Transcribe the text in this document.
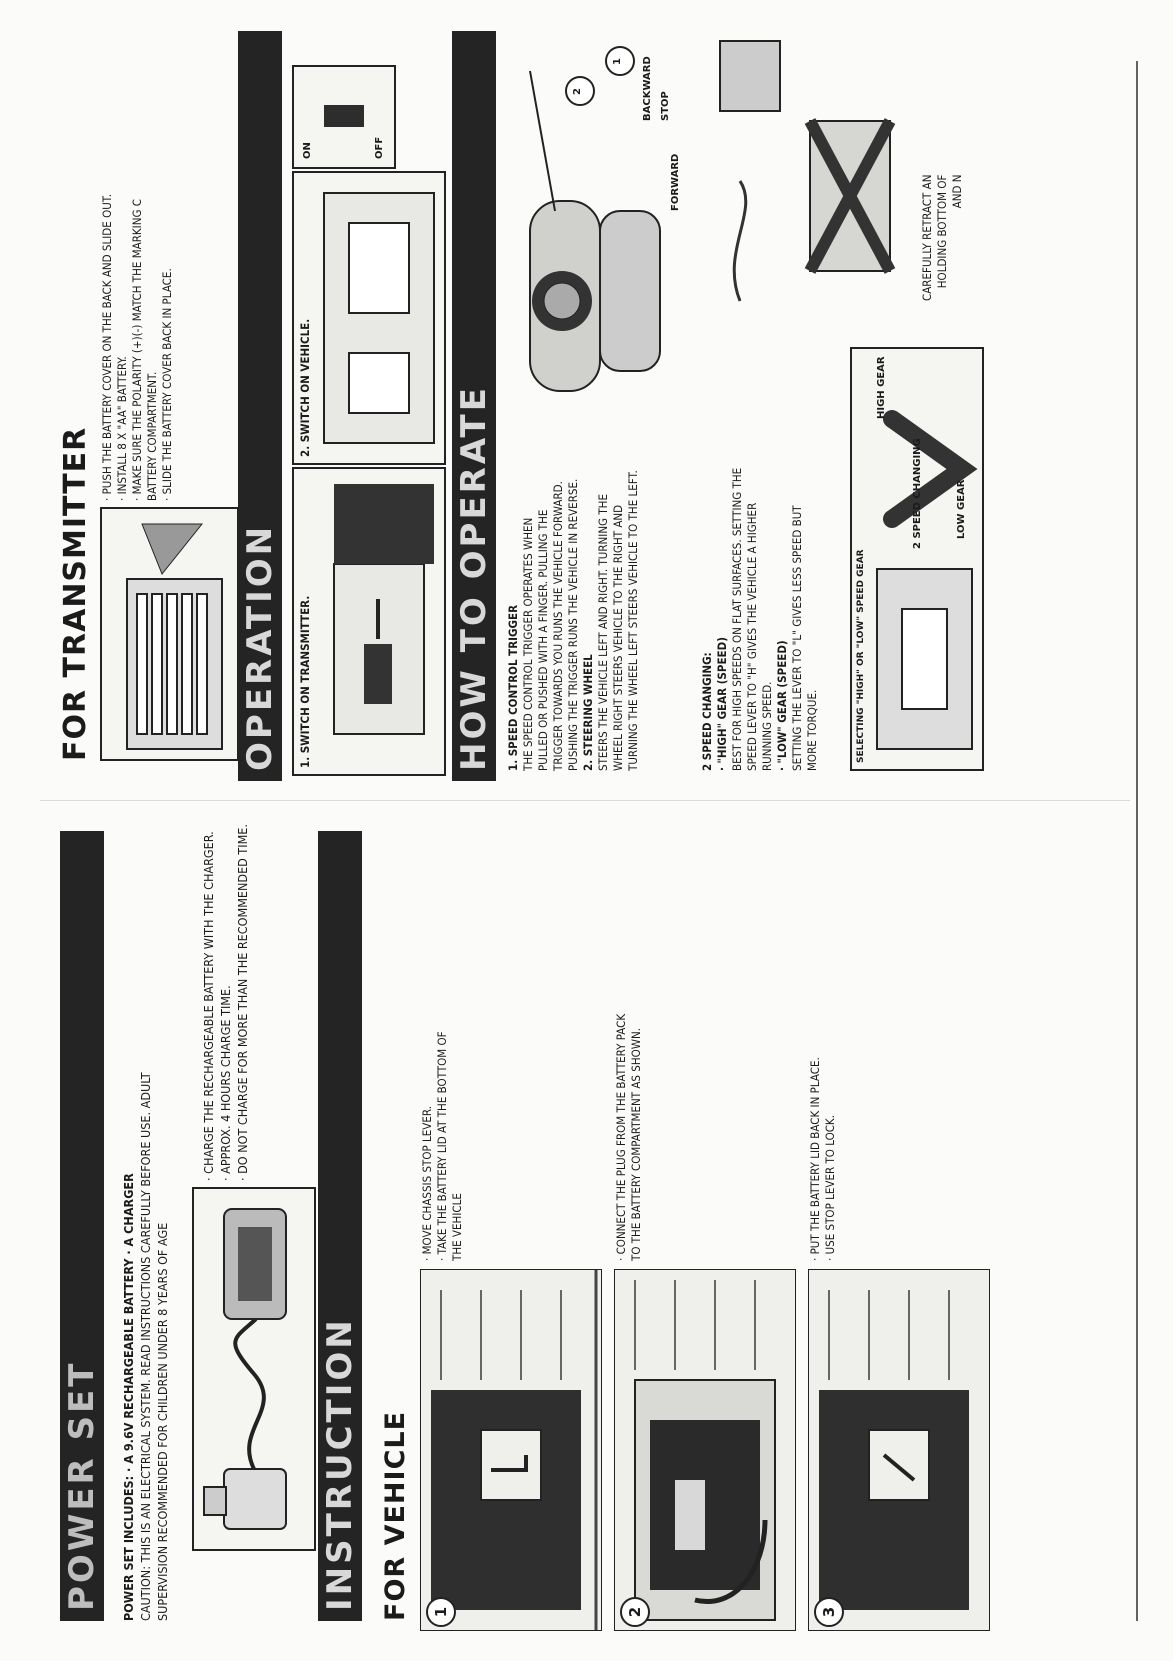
POWER SET POWER SET INCLUDES: · A 9.6V RECHARGEABLE BATTERY · A CHARGER CAUTION: THIS IS AN ELECTRICAL SYSTEM. READ INSTRUCTIONS CAREFULLY BEFORE USE. ADULT SUPERVISION RECOMMENDED FOR CHILDREN UNDER 8 YEARS OF AGE
· CHARGE THE RECHARGEABLE BATTERY WITH THE CHARGER. · APPROX. 4 HOURS CHARGE TIME. · DO NOT CHARGE FOR MORE THAN THE RECOMMENDED TIME.
INSTRUCTION FOR VEHICLE	1
· MOVE CHASSIS STOP LEVER. · TAKE THE BATTERY LID AT THE BOTTOM OF THE VEHICLE
2
· CONNECT THE PLUG FROM THE BATTERY PACK TO THE BATTERY COMPARTMENT AS SHOWN.
3
· PUT THE BATTERY LID BACK IN PLACE. · USE STOP LEVER TO LOCK.
FOR TRANSMITTER
· PUSH THE BATTERY COVER ON THE BACK AND SLIDE OUT. · INSTALL 8 X "AA" BATTERY. · MAKE SURE THE POLARITY (+)(-) MATCH THE MARKING C BATTERY COMPARTMENT. · SLIDE THE BATTERY COVER BACK IN PLACE.
OPERATION 1. SWITCH ON TRANSMITTER.
2. SWITCH ON VEHICLE.
ON	OFF
HOW TO OPERATE 1. SPEED CONTROL TRIGGER THE SPEED CONTROL TRIGGER OPERATES WHEN PULLED OR PUSHED WITH A FINGER. PULLING THE TRIGGER TOWARDS YOU RUNS THE VEHICLE FORWARD. PUSHING THE TRIGGER RUNS THE VEHICLE IN REVERSE. 2. STEERING WHEEL STEERS THE VEHICLE LEFT AND RIGHT. TURNING THE WHEEL RIGHT STEERS VEHICLE TO THE RIGHT AND TURNING THE WHEEL LEFT STEERS VEHICLE TO THE LEFT.
BACKWARD STOP
FORWARD
1
2
2 SPEED CHANGING: · "HIGH" GEAR (SPEED) BEST FOR HIGH SPEEDS ON FLAT SURFACES. SETTING THE SPEED LEVER TO "H" GIVES THE VEHICLE A HIGHER RUNNING SPEED. · "LOW" GEAR (SPEED) SETTING THE LEVER TO "L" GIVES LESS SPEED BUT MORE TORQUE.	SELECTING "HIGH" OR "LOW" SPEED GEAR
LOW GEAR
HIGH GEAR
2 SPEED CHANGING
CAREFULLY RETRACT AN HOLDING BOTTOM OF AND N
